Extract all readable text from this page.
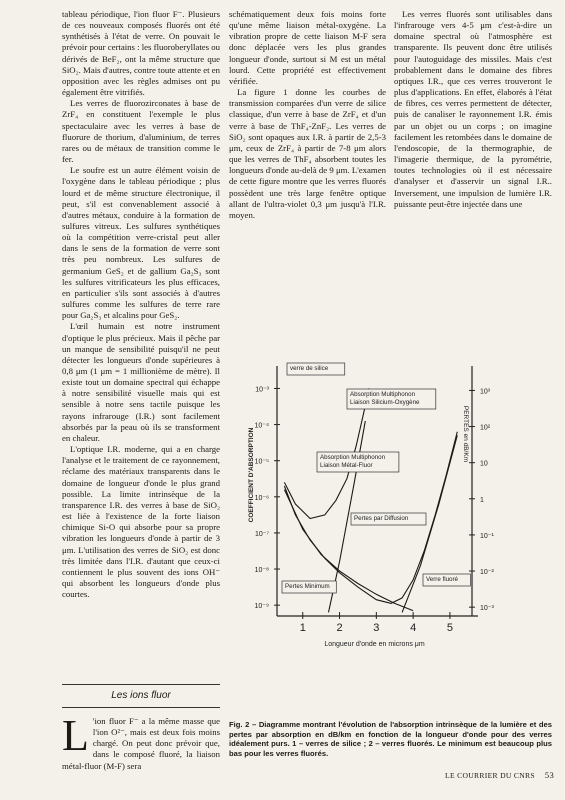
tableau périodique, l'ion fluor F⁻. Plusieurs de ces nouveaux composés fluorés ont été synthétisés à l'état de verre. On pouvait le prévoir pour certains : les fluoroberyllates ou dérivés de BeF₂, ont la même structure que SiO₂. Mais d'autres, contre toute attente et en opposition avec les règles admises ont pu également être vitrifiés.

Les verres de fluorozirconates à base de ZrF₄ en constituent l'exemple le plus spectaculaire avec les verres à base de fluorure de thorium, d'aluminium, de terres rares ou de métaux de transition comme le fer.

Le soufre est un autre élément voisin de l'oxygène dans le tableau périodique ; plus lourd et de même structure électronique, il peut, s'il est convenablement associé à d'autres métaux, conduire à la formation de sulfures vitreux. Les sulfures synthétiques où la compétition verre-cristal peut aller dans le sens de la formation de verre sont très peu nombreux. Les sulfures de germanium GeS₂ et de gallium Ga₂S₃ sont les sulfures vitrificateurs les plus efficaces, en particulier s'ils sont associés à d'autres sulfures comme les sulfures de terre rare pour Ga₂S₃ et alcalins pour GeS₂.

L'œil humain est notre instrument d'optique le plus précieux. Mais il pêche par un manque de sensibilité puisqu'il ne peut détecter les longueurs d'onde supérieures à 0,8 μm (1 μm = 1 millionième de mètre). Il existe tout un domaine spectral qui échappe à notre sensibilité visuelle mais qui est sensible à notre sens tactile puisque les rayons infrarouge (I.R.) sont facilement absorbés par la peau où ils se transforment en chaleur.

L'optique I.R. moderne, qui a en charge l'analyse et le traitement de ce rayonnement, réclame des matériaux transparents dans le domaine de longueur d'onde le plus grand possible. La limite intrinsèque de la transparence I.R. des verres à base de SiO₂ est liée à l'existence de la forte liaison chimique Si-O qui absorbe pour sa propre vibration les longueurs d'onde à partir de 3 μm. L'utilisation des verres de SiO₂ est donc très limitée dans l'I.R. d'autant que ceux-ci contiennent le plus souvent des ions OH⁻ qui absorbent les longueurs d'onde plus courtes.

schématiquement deux fois moins forte qu'une même liaison métal-oxygène. La vibration propre de cette liaison M-F sera donc déplacée vers les plus grandes longueur d'onde, surtout si M est un métal lourd. Cette propriété est effectivement vérifiée.

La figure 1 donne les courbes de transmission comparées d'un verre de silice classique, d'un verre à base de ZrF₄ et d'un verre à base de ThF₄-ZnF₂. Les verres de SiO₂ sont opaques aux I.R. à partir de 2,5-3 μm, ceux de ZrF₄ à partir de 7-8 μm alors que les verres de ThF₄ absorbent toutes les longueurs d'onde au-delà de 9 μm. L'examen de cette figure montre que les verres fluorés possèdent une très large fenêtre optique allant de l'ultra-violet 0,3 μm jusqu'à l'I.R. moyen.

Les verres fluorés sont utilisables dans l'infrarouge vers 4-5 μm c'est-à-dire un domaine spectral où l'atmosphère est transparente. Ils peuvent donc être utilisés pour l'autoguidage des missiles. Mais c'est probablement dans le domaine des fibres optiques I.R., que ces verres trouveront le plus d'applications. En effet, élaborés à l'état de fibres, ces verres permettent de détecter, puis de canaliser le rayonnement I.R. émis par un objet ou un corps ; on imagine facilement les retombées dans le domaine de l'endoscopie, de la thermographie, de l'imagerie thermique, de la pyrométrie, toutes technologies où il est nécessaire d'analyser et d'asservir un signal I.R.. Inversement, une impulsion de lumière I.R. puissante peut-être injectée dans une

Les ions fluor
L 'ion fluor F⁻ a la même masse que l'ion O²⁻, mais est deux fois moins chargé. On peut donc prévoir que, dans le composé fluoré, la liaison métal-fluor (M-F) sera
10⁻³
10⁻⁴
10⁻⁵
10⁻⁶
10⁻⁷
10⁻⁸
10⁻⁹
10³
10²
10
1
10⁻¹
10⁻²
10⁻³
1	2	3	4	5
Longueur d'onde en microns μm
COEFFICIENT D'ABSORPTION	PERTES en dB/Km
verre de silice
Absorption Multiphonon
Liaison Silicium-Oxygène
Absorption Multiphonon
Liaison Métal-Fluor
Pertes par Diffusion
Pertes Minimum
Verre fluoré
Fig. 2 – Diagramme montrant l'évolution de l'absorption intrinsèque de la lumière et des pertes par absorption en dB/km en fonction de la longueur d'onde pour des verres idéalement purs. 1 – verres de silice ; 2 – verres fluorés. Le minimum est beaucoup plus bas pour les verres fluorés.
LE COURRIER DU CNRS 53
